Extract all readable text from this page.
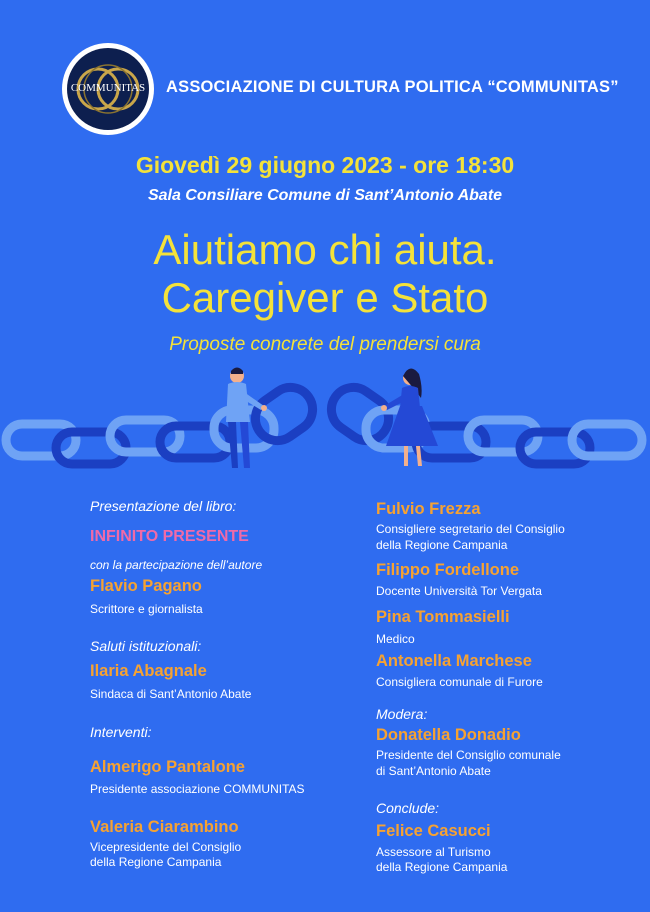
COMMUNITAS ASSOCIAZIONE DI CULTURA POLITICA “COMMUNITAS”
Giovedì 29 giugno 2023 - ore 18:30
Sala Consiliare Comune di Sant’Antonio Abate
Aiutiamo chi aiuta.
Caregiver e Stato
Proposte concrete del prendersi cura
Presentazione del libro:
INFINITO PRESENTE
con la partecipazione dell’autore
Flavio Pagano
Scrittore e giornalista
Saluti istituzionali:
Ilaria Abagnale
Sindaca di Sant’Antonio Abate
Interventi:
Almerigo Pantalone
Presidente associazione COMMUNITAS
Valeria Ciarambino
Vicepresidente del Consiglio
della Regione Campania
Fulvio Frezza
Consigliere segretario del Consiglio
della Regione Campania
Filippo Fordellone
Docente Università Tor Vergata
Pina Tommasielli
Medico
Antonella Marchese
Consigliera comunale di Furore
Modera:
Donatella Donadio
Presidente del Consiglio comunale
di Sant’Antonio Abate
Conclude:
Felice Casucci
Assessore al Turismo
della Regione Campania
